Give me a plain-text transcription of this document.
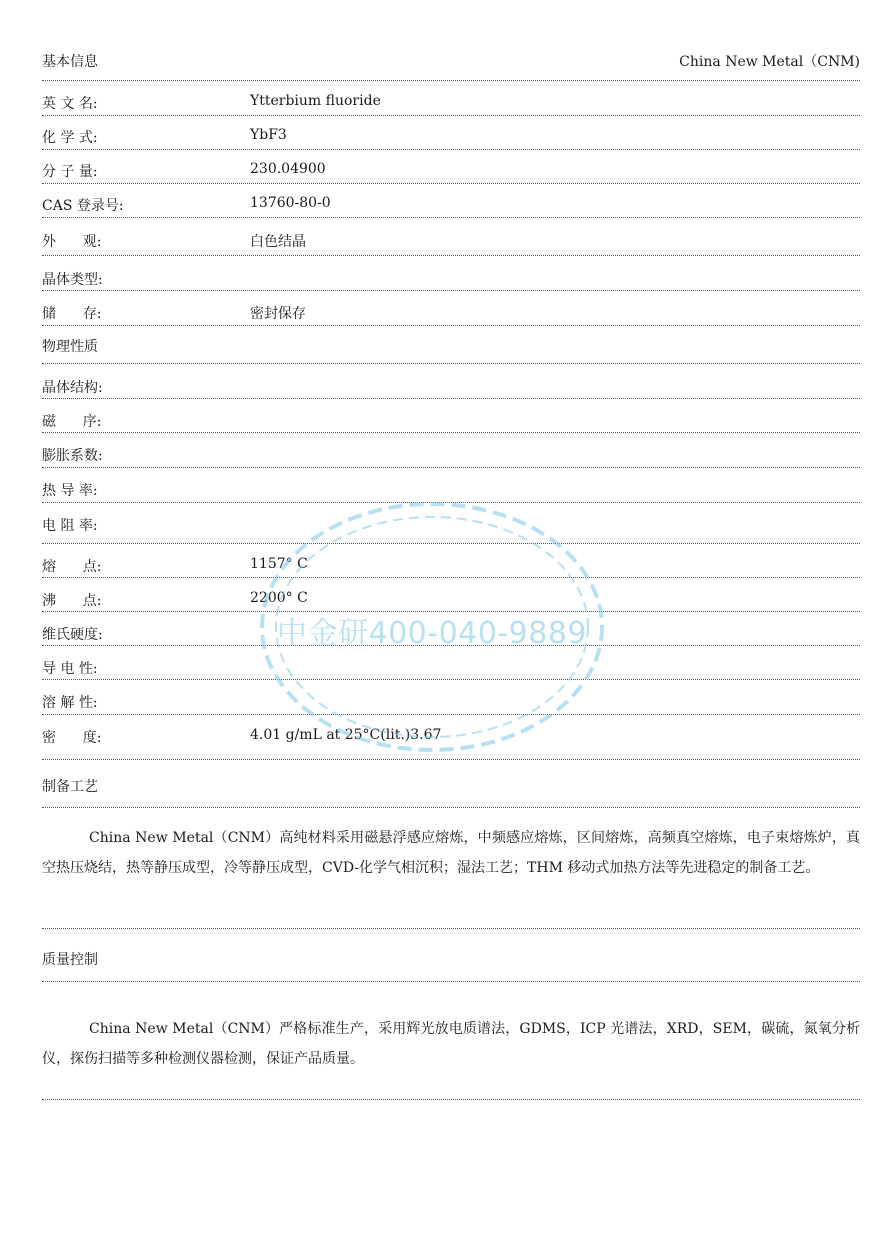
基本信息	China New Metal（CNM)
英 文 名:	Ytterbium fluoride
化 学 式:	YbF3
分 子 量:	230.04900
CAS 登录号:	13760-80-0
外      观:	白色结晶
晶体类型:
储      存:	密封保存
物理性质
晶体结构:
磁      序:
膨胀系数:
热 导 率:
电 阻 率:
熔      点:	1157° C
沸      点:	2200° C
维氏硬度:
导 电 性:
溶 解 性:
密      度:	4.01 g/mL at 25°C(lit.)3.67
制备工艺

China New Metal（CNM）高纯材料采用磁悬浮感应熔炼，中频感应熔炼，区间熔炼，高频真空熔炼，电子束熔炼炉，真空热压烧结，热等静压成型，冷等静压成型，CVD-化学气相沉积；湿法工艺；THM 移动式加热方法等先进稳定的制备工艺。

质量控制

China New Metal（CNM）严格标准生产，采用辉光放电质谱法，GDMS，ICP 光谱法，XRD，SEM，碳硫，氮氧分析仪，探伤扫描等多种检测仪器检测，保证产品质量。

中金研400-040-9889
